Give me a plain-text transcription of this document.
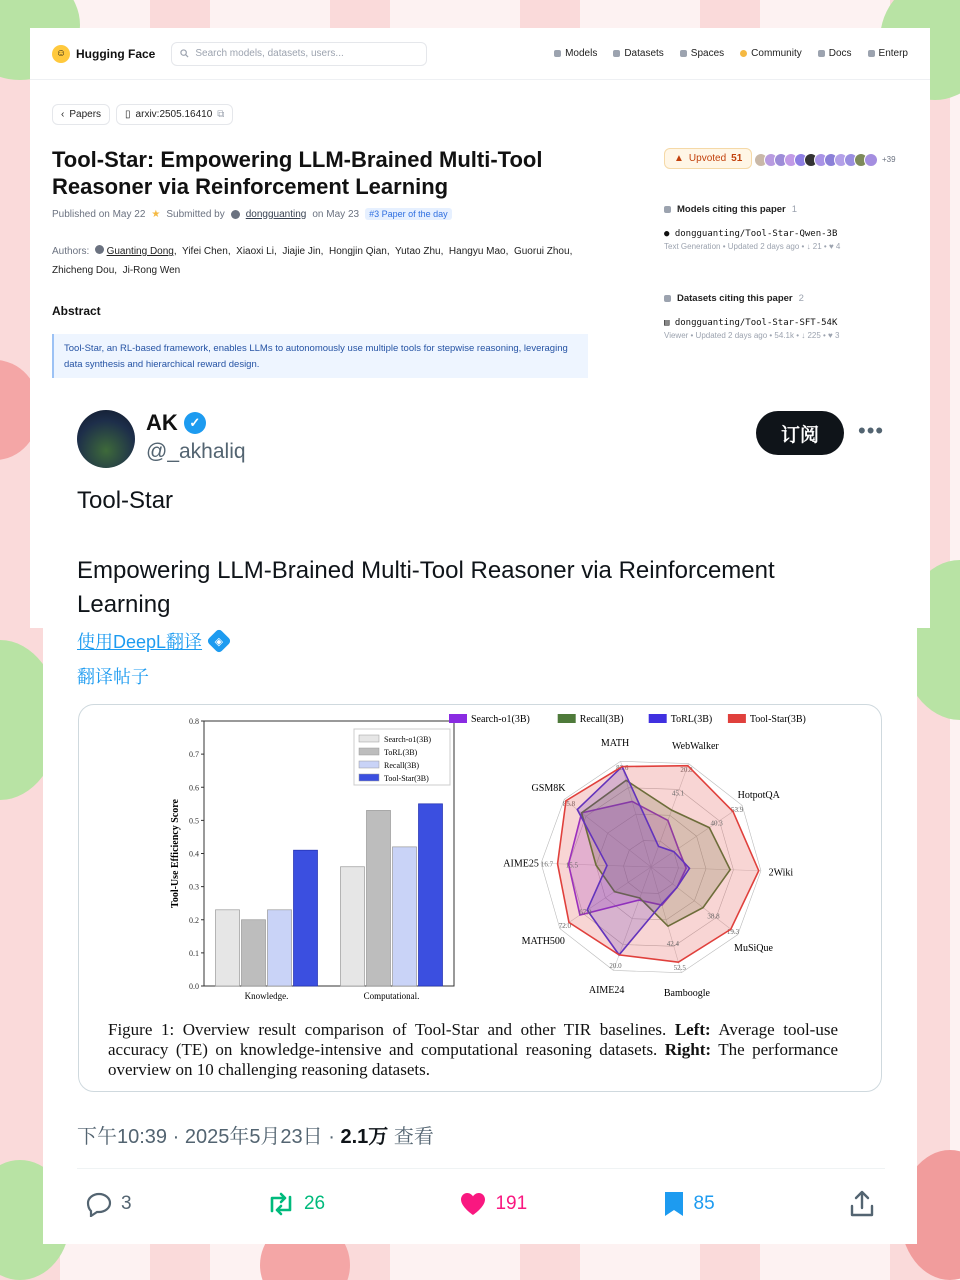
☺ Hugging Face	Search models, datasets, users...	Models	Datasets	Spaces	Community	Docs	Enterp
‹ Papers ▯ arxiv:2505.16410 ⧉
Tool-Star: Empowering LLM-Brained Multi-Tool Reasoner via Reinforcement Learning
Published on May 22 ★ Submitted by dongguanting on May 23	#3 Paper of the day
Authors: Guanting Dong,  Yifei Chen,  Xiaoxi Li,  Jiajie Jin,  Hongjin Qian,  Yutao Zhu,  Hangyu Mao,  Guorui Zhou,
Zhicheng Dou,  Ji-Rong Wen
Abstract
Tool-Star, an RL-based framework, enables LLMs to autonomously use multiple tools for stepwise reasoning, leveraging data synthesis and hierarchical reward design.
▲ Upvoted 51	+39
Models citing this paper 1
● dongguanting/Tool-Star-Qwen-3B
Text Generation • Updated 2 days ago • ↓ 21 • ♥ 4
Datasets citing this paper 2
▤ dongguanting/Tool-Star-SFT-54K
Viewer • Updated 2 days ago • 54.1k • ↓ 225 • ♥ 3
AK ✓
@_akhaliq
订阅	•••
Tool-Star
Empowering LLM-Brained Multi-Tool Reasoner via Reinforcement Learning
使用DeepL翻译 ◈
翻译帖子
0.0
0.1
0.2
0.3
0.4
0.5
0.6
0.7
0.8
Tool-Use Efficiency Score
Knowledge.	Computational.
Search-o1(3B)
ToRL(3B)
Recall(3B)
Tool-Star(3B)
Search-o1(3B)	Recall(3B)	ToRL(3B)	Tool-Star(3B)
MATH
83.6
WebWalker
20.8
HotpotQA
53.9
2Wiki
MuSiQue
19.3
Bamboogle
52.5
AIME24
20.0
MATH500
72.0
AIME25 16.7
GSM8K
85.8
45.1
42.4
38.8
15.5
67.0
40.3
Figure 1: Overview result comparison of Tool-Star and other TIR baselines. Left: Average tool-use accuracy (TE) on knowledge-intensive and computational reasoning datasets. Right: The performance overview on 10 challenging reasoning datasets.
下午10:39 · 2025年5月23日 · 2.1万 查看
3	26	191	85
